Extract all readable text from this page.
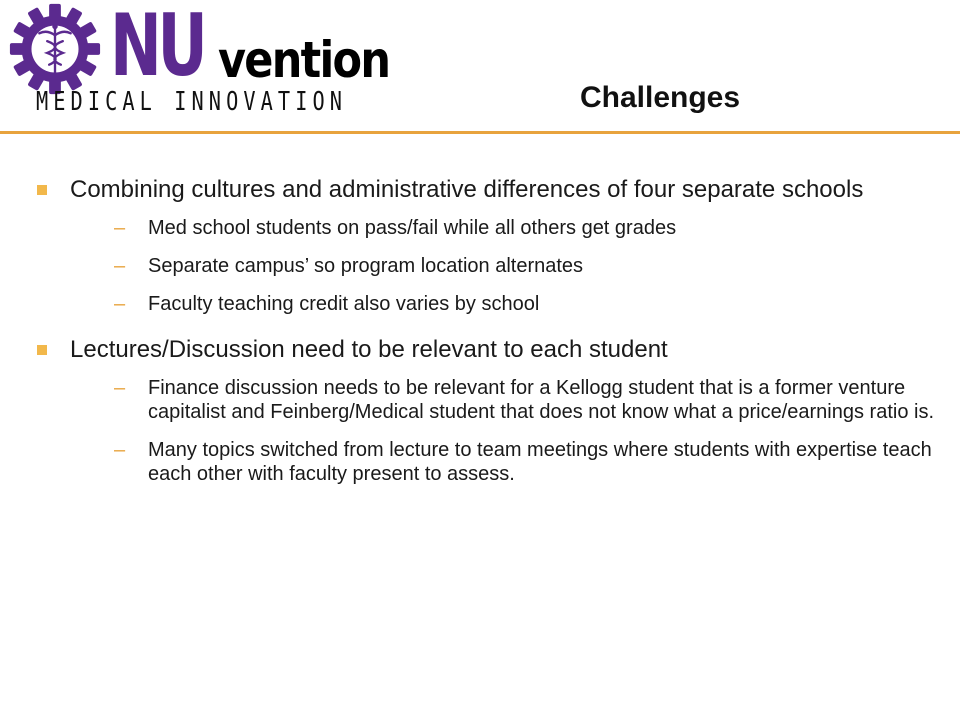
NU vention
MEDICAL INNOVATION	Challenges
Combining cultures and administrative differences of four separate schools
– Med school students on pass/fail while all others get grades
– Separate campus’ so program location alternates
– Faculty teaching credit also varies by school
Lectures/Discussion need to be relevant to each student
– Finance discussion needs to be relevant for a Kellogg student that is a former venture capitalist and Feinberg/Medical student that does not know what a price/earnings ratio is.
– Many topics switched from lecture to team meetings where students with expertise teach each other with faculty present to assess.
